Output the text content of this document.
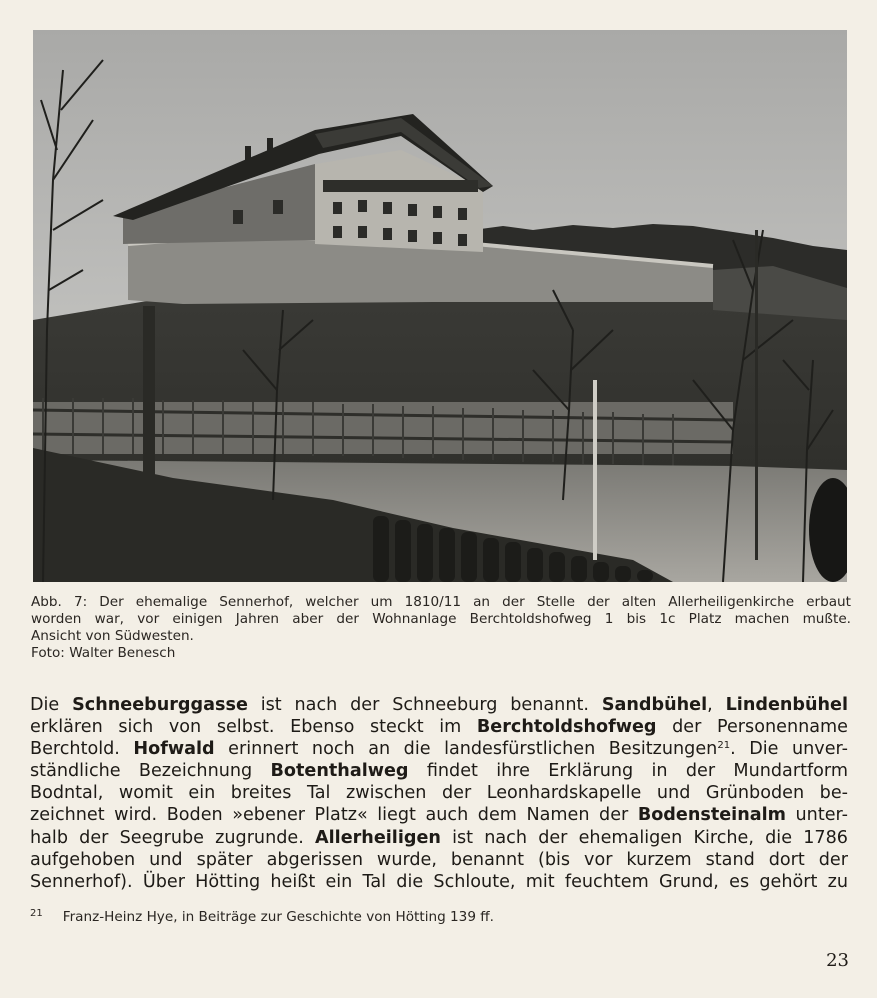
Abb. 7: Der ehemalige Sennerhof, welcher um 1810/11 an der Stelle der alten Allerheiligenkirche erbaut
worden war, vor einigen Jahren aber der Wohnanlage Berchtoldshofweg 1 bis 1c Platz machen mußte.
Ansicht von Südwesten.
Foto: Walter Benesch
Die Schneeburggasse ist nach der Schneeburg benannt. Sandbühel, Lindenbühel
erklären sich von selbst. Ebenso steckt im Berchtoldshofweg der Personenname
Berchtold. Hofwald erinnert noch an die landesfürstlichen Besitzungen$^{21}$. Die unver-
ständliche Bezeichnung Botenthalweg findet ihre Erklärung in der Mundartform
Bodntal, womit ein breites Tal zwischen der Leonhardskapelle und Grünboden be-
zeichnet wird. Boden »ebener Platz« liegt auch dem Namen der Bodensteinalm unter-
halb der Seegrube zugrunde. Allerheiligen ist nach der ehemaligen Kirche, die 1786
aufgehoben und später abgerissen wurde, benannt (bis vor kurzem stand dort der
Sennerhof). Über Hötting heißt ein Tal die Schloute, mit feuchtem Grund, es gehört zu
$^{21}$ Franz-Heinz Hye, in Beiträge zur Geschichte von Hötting 139 ff.
23
